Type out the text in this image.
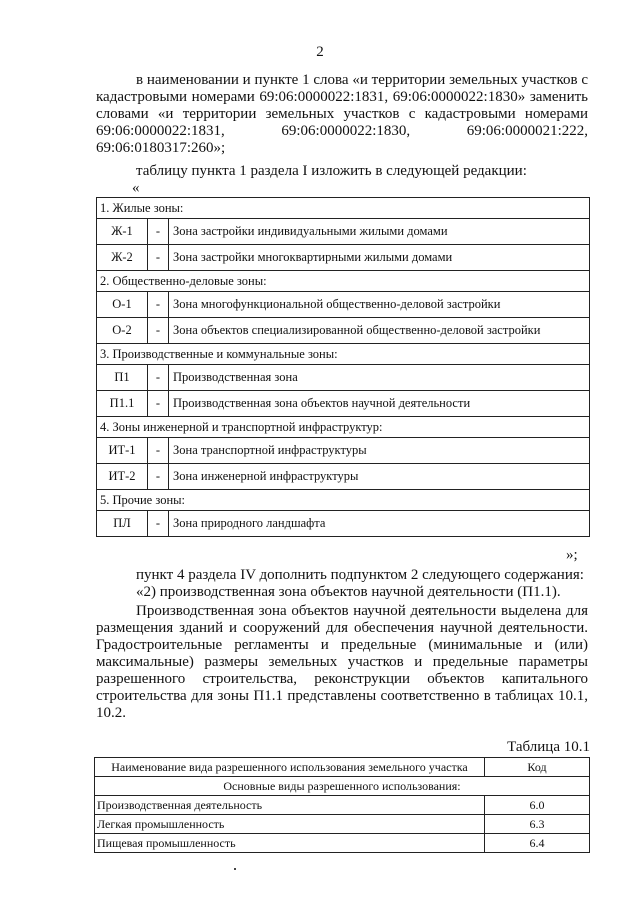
2

в наименовании и пункте 1 слова «и территории земельных участков с кадастровыми номерами 69:06:0000022:1831, 69:06:0000022:1830» заменить словами «и территории земельных участков с кадастровыми номерами 69:06:0000022:1831, 69:06:0000022:1830, 69:06:0000021:222, 69:06:0180317:260»;

таблицу пункта 1 раздела I изложить в следующей редакции:

«
1. Жилые зоны:
Ж-1	-	Зона застройки индивидуальными жилыми домами
Ж-2	-	Зона застройки многоквартирными жилыми домами
2. Общественно-деловые зоны:
О-1	-	Зона многофункциональной общественно-деловой застройки
О-2	-	Зона объектов специализированной общественно-деловой застройки
3. Производственные и коммунальные зоны:
П1	-	Производственная зона
П1.1	-	Производственная зона объектов научной деятельности
4. Зоны инженерной и транспортной инфраструктур:
ИТ-1	-	Зона транспортной инфраструктуры
ИТ-2	-	Зона инженерной инфраструктуры
5. Прочие зоны:
ПЛ	-	Зона природного ландшафта
»;

пункт 4 раздела IV дополнить подпунктом 2 следующего содержания:

«2) производственная зона объектов научной деятельности (П1.1).

Производственная зона объектов научной деятельности выделена для размещения зданий и сооружений для обеспечения научной деятельности. Градостроительные регламенты и предельные (минимальные и (или) максимальные) размеры земельных участков и предельные параметры разрешенного строительства, реконструкции объектов капитального строительства для зоны П1.1 представлены соответственно в таблицах 10.1, 10.2.

Таблица 10.1
Наименование вида разрешенного использования земельного участка	Код
Основные виды разрешенного использования:
Производственная деятельность	6.0
Легкая промышленность	6.3
Пищевая промышленность	6.4
